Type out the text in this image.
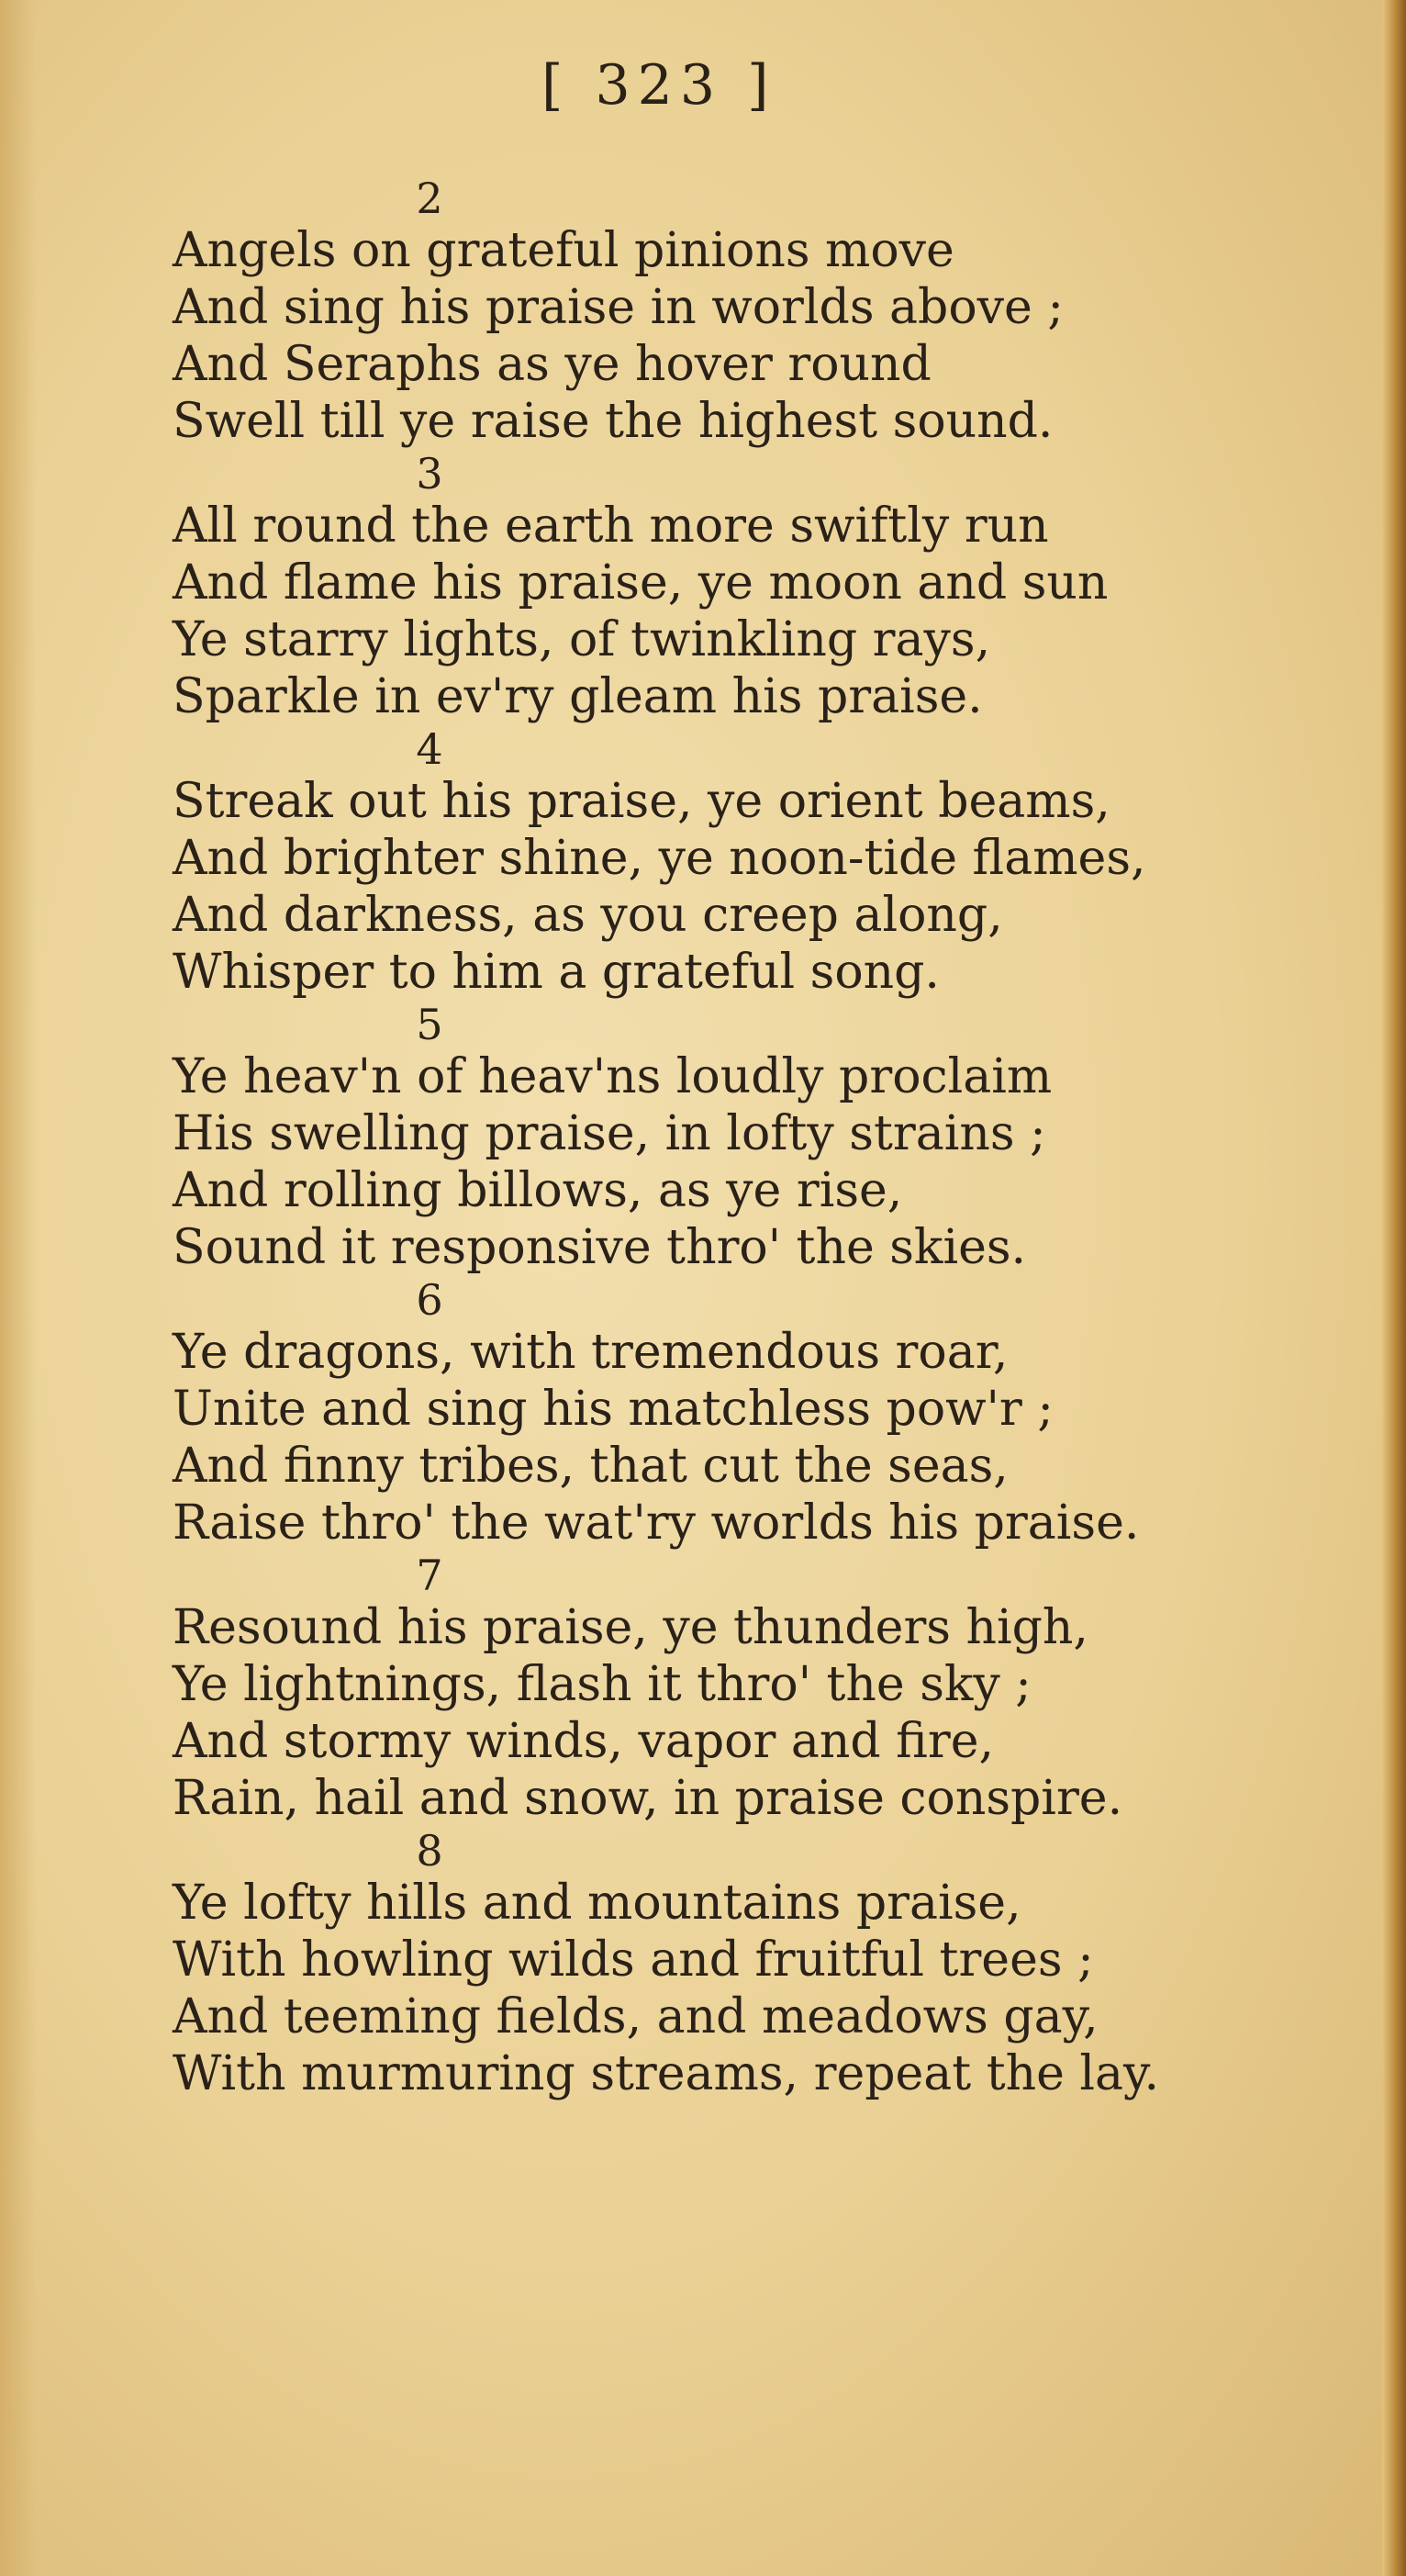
[ 323 ]
2
Angels on grateful pinions move
And sing his praise in worlds above ;
And Seraphs as ye hover round
Swell till ye raise the highest sound.
3
All round the earth more swiftly run
And flame his praise, ye moon and sun
Ye starry lights, of twinkling rays,
Sparkle in ev'ry gleam his praise.
4
Streak out his praise, ye orient beams,
And brighter shine, ye noon-tide flames,
And darkness, as you creep along,
Whisper to him a grateful song.
5
Ye heav'n of heav'ns loudly proclaim
His swelling praise, in lofty strains ;
And rolling billows, as ye rise,
Sound it responsive thro' the skies.
6
Ye dragons, with tremendous roar,
Unite and sing his matchless pow'r ;
And finny tribes, that cut the seas,
Raise thro' the wat'ry worlds his praise.
7
Resound his praise, ye thunders high,
Ye lightnings, flash it thro' the sky ;
And stormy winds, vapor and fire,
Rain, hail and snow, in praise conspire.
8
Ye lofty hills and mountains praise,
With howling wilds and fruitful trees ;
And teeming fields, and meadows gay,
With murmuring streams, repeat the lay.
